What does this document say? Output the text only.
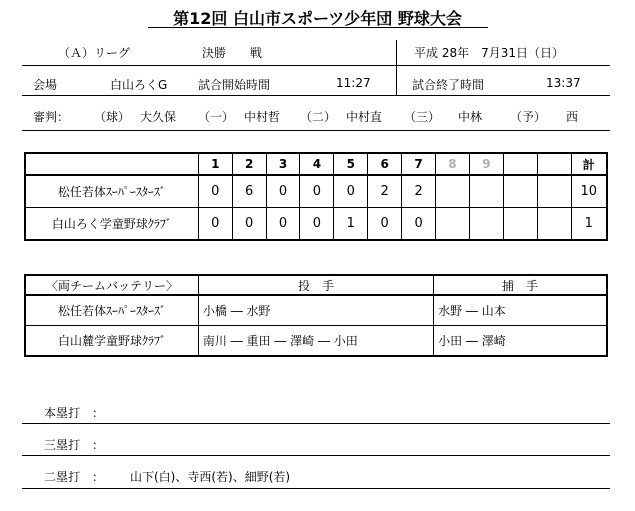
第12回 白山市スポーツ少年団 野球大会
（Ａ）リーグ	決勝　　戦	平成 28年　7月31日（日）
会場	白山ろくG	試合開始時間	11:27	試合終了時間	13:37
審判： （球） 大久保 （一） 中村哲 （二） 中村直 （三） 中林 （予） 西
	1	2	3	4	5	6	7	8	9			計
松任若体ｽｰﾊﾟｰｽﾀｰｽﾞ	0	6	0	0	0	2	2					10
白山ろく学童野球ｸﾗﾌﾞ	0	0	0	0	1	0	0					1
〈両チームバッテリー〉	投　手	捕　手
松任若体ｽｰﾊﾟｰｽﾀｰｽﾞ	小橋 ― 水野	水野 ― 山本
白山麓学童野球ｸﾗﾌﾞ	南川 ― 重田 ― 澤崎 ― 小田	小田 ― 澤崎
本塁打　：
三塁打　：
二塁打　： 山下(白)、寺西(若)、細野(若)
